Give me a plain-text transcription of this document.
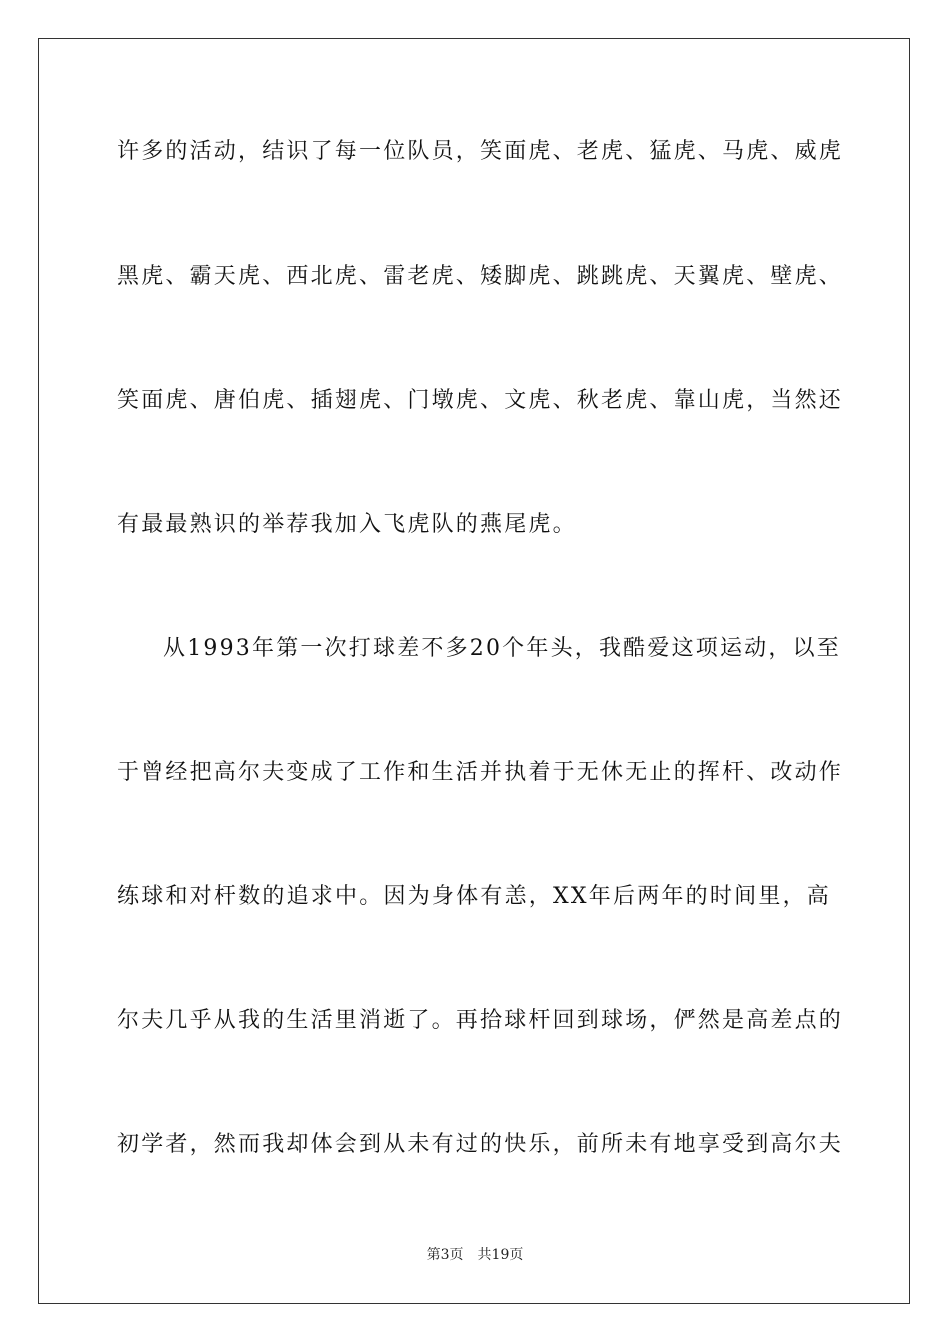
许多的活动，结识了每一位队员，笑面虎、老虎、猛虎、马虎、威虎
黑虎、霸天虎、西北虎、雷老虎、矮脚虎、跳跳虎、天翼虎、壁虎、
笑面虎、唐伯虎、插翅虎、门墩虎、文虎、秋老虎、靠山虎，当然还
有最最熟识的举荐我加入飞虎队的燕尾虎。
从1993年第一次打球差不多20个年头，我酷爱这项运动，以至
于曾经把高尔夫变成了工作和生活并执着于无休无止的挥杆、改动作
练球和对杆数的追求中。因为身体有恙，XX年后两年的时间里，高
尔夫几乎从我的生活里消逝了。再拾球杆回到球场，俨然是高差点的
初学者，然而我却体会到从未有过的快乐，前所未有地享受到高尔夫
第3页 共19页
